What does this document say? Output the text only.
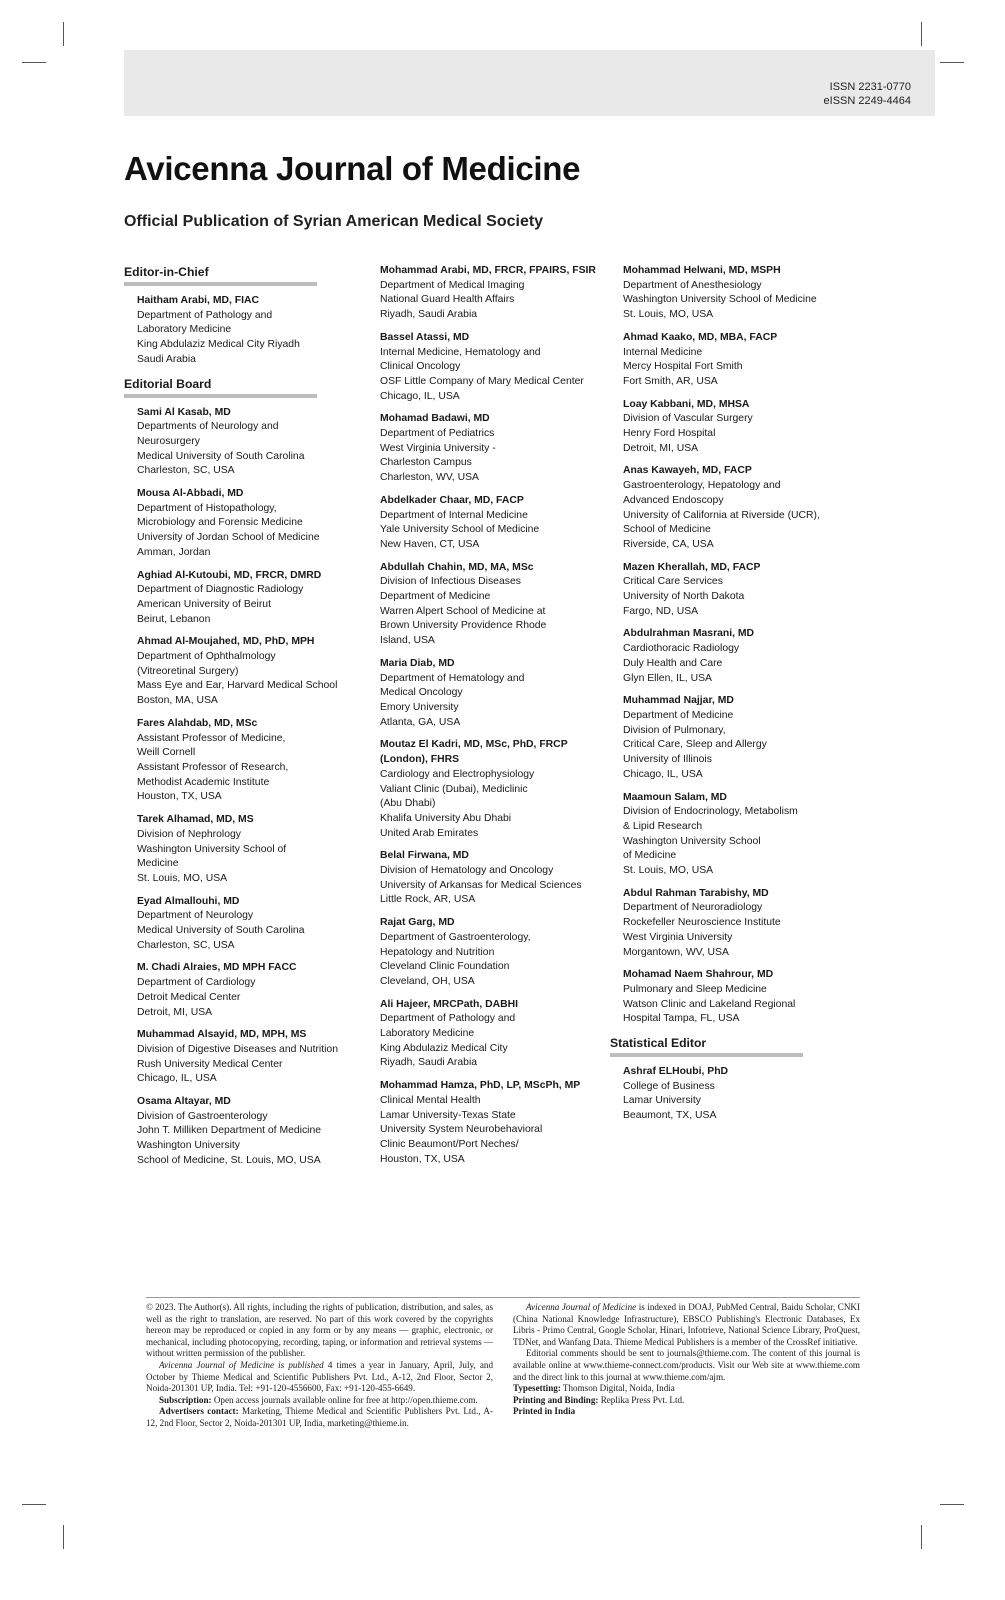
ISSN 2231-0770
eISSN 2249-4464
Avicenna Journal of Medicine
Official Publication of Syrian American Medical Society
Editor-in-Chief
Haitham Arabi, MD, FIAC
Department of Pathology and
Laboratory Medicine
King Abdulaziz Medical City Riyadh
Saudi Arabia
Editorial Board
Sami Al Kasab, MD
Departments of Neurology and
Neurosurgery
Medical University of South Carolina
Charleston, SC, USA
Mousa Al-Abbadi, MD
Department of Histopathology,
Microbiology and Forensic Medicine
University of Jordan School of Medicine
Amman, Jordan
Aghiad Al-Kutoubi, MD, FRCR, DMRD
Department of Diagnostic Radiology
American University of Beirut
Beirut, Lebanon
Ahmad Al-Moujahed, MD, PhD, MPH
Department of Ophthalmology
(Vitreoretinal Surgery)
Mass Eye and Ear, Harvard Medical School
Boston, MA, USA
Fares Alahdab, MD, MSc
Assistant Professor of Medicine,
Weill Cornell
Assistant Professor of Research,
Methodist Academic Institute
Houston, TX, USA
Tarek Alhamad, MD, MS
Division of Nephrology
Washington University School of
Medicine
St. Louis, MO, USA
Eyad Almallouhi, MD
Department of Neurology
Medical University of South Carolina
Charleston, SC, USA
M. Chadi Alraies, MD MPH FACC
Department of Cardiology
Detroit Medical Center
Detroit, MI, USA
Muhammad Alsayid, MD, MPH, MS
Division of Digestive Diseases and Nutrition
Rush University Medical Center
Chicago, IL, USA
Osama Altayar, MD
Division of Gastroenterology
John T. Milliken Department of Medicine
Washington University
School of Medicine, St. Louis, MO, USA
Mohammad Arabi, MD, FRCR, FPAIRS, FSIR
Department of Medical Imaging
National Guard Health Affairs
Riyadh, Saudi Arabia
Bassel Atassi, MD
Internal Medicine, Hematology and
Clinical Oncology
OSF Little Company of Mary Medical Center
Chicago, IL, USA
Mohamad Badawi, MD
Department of Pediatrics
West Virginia University -
Charleston Campus
Charleston, WV, USA
Abdelkader Chaar, MD, FACP
Department of Internal Medicine
Yale University School of Medicine
New Haven, CT, USA
Abdullah Chahin, MD, MA, MSc
Division of Infectious Diseases
Department of Medicine
Warren Alpert School of Medicine at
Brown University Providence Rhode
Island, USA
Maria Diab, MD
Department of Hematology and
Medical Oncology
Emory University
Atlanta, GA, USA
Moutaz El Kadri, MD, MSc, PhD, FRCP (London), FHRS
Cardiology and Electrophysiology
Valiant Clinic (Dubai), Mediclinic
(Abu Dhabi)
Khalifa University Abu Dhabi
United Arab Emirates
Belal Firwana, MD
Division of Hematology and Oncology
University of Arkansas for Medical Sciences
Little Rock, AR, USA
Rajat Garg, MD
Department of Gastroenterology,
Hepatology and Nutrition
Cleveland Clinic Foundation
Cleveland, OH, USA
Ali Hajeer, MRCPath, DABHI
Department of Pathology and
Laboratory Medicine
King Abdulaziz Medical City
Riyadh, Saudi Arabia
Mohammad Hamza, PhD, LP, MScPh, MP
Clinical Mental Health
Lamar University-Texas State
University System Neurobehavioral
Clinic Beaumont/Port Neches/
Houston, TX, USA
Mohammad Helwani, MD, MSPH
Department of Anesthesiology
Washington University School of Medicine
St. Louis, MO, USA
Ahmad Kaako, MD, MBA, FACP
Internal Medicine
Mercy Hospital Fort Smith
Fort Smith, AR, USA
Loay Kabbani, MD, MHSA
Division of Vascular Surgery
Henry Ford Hospital
Detroit, MI, USA
Anas Kawayeh, MD, FACP
Gastroenterology, Hepatology and
Advanced Endoscopy
University of California at Riverside (UCR),
School of Medicine
Riverside, CA, USA
Mazen Kherallah, MD, FACP
Critical Care Services
University of North Dakota
Fargo, ND, USA
Abdulrahman Masrani, MD
Cardiothoracic Radiology
Duly Health and Care
Glyn Ellen, IL, USA
Muhammad Najjar, MD
Department of Medicine
Division of Pulmonary,
Critical Care, Sleep and Allergy
University of Illinois
Chicago, IL, USA
Maamoun Salam, MD
Division of Endocrinology, Metabolism
& Lipid Research
Washington University School
of Medicine
St. Louis, MO, USA
Abdul Rahman Tarabishy, MD
Department of Neuroradiology
Rockefeller Neuroscience Institute
West Virginia University
Morgantown, WV, USA
Mohamad Naem Shahrour, MD
Pulmonary and Sleep Medicine
Watson Clinic and Lakeland Regional
Hospital Tampa, FL, USA
Statistical Editor
Ashraf ELHoubi, PhD
College of Business
Lamar University
Beaumont, TX, USA

© 2023. The Author(s). All rights, including the rights of publication, distribution, and sales, as well as the right to translation, are reserved. No part of this work covered by the copyrights hereon may be reproduced or copied in any form or by any means — graphic, electronic, or mechanical, including photocopying, recording, taping, or information and retrieval systems — without written permission of the publisher.

Avicenna Journal of Medicine is published 4 times a year in January, April, July, and October by Thieme Medical and Scientific Publishers Pvt. Ltd., A-12, 2nd Floor, Sector 2, Noida-201301 UP, India. Tel: +91-120-4556600, Fax: +91-120-455-6649.

Subscription: Open access journals available online for free at http://open.thieme.com.

Advertisers contact: Marketing, Thieme Medical and Scientific Publishers Pvt. Ltd., A-12, 2nd Floor, Sector 2, Noida-201301 UP, India, marketing@thieme.in.

Avicenna Journal of Medicine is indexed in DOAJ, PubMed Central, Baidu Scholar, CNKI (China National Knowledge Infrastructure), EBSCO Publishing's Electronic Databases, Ex Libris - Primo Central, Google Scholar, Hinari, Infotrieve, National Science Library, ProQuest, TDNet, and Wanfang Data. Thieme Medical Publishers is a member of the CrossRef initiative.

Editorial comments should be sent to journals@thieme.com. The content of this journal is available online at www.thieme-connect.com/products. Visit our Web site at www.thieme.com and the direct link to this journal at www.thieme.com/ajm.

Typesetting: Thomson Digital, Noida, India

Printing and Binding: Replika Press Pvt. Ltd.

Printed in India
